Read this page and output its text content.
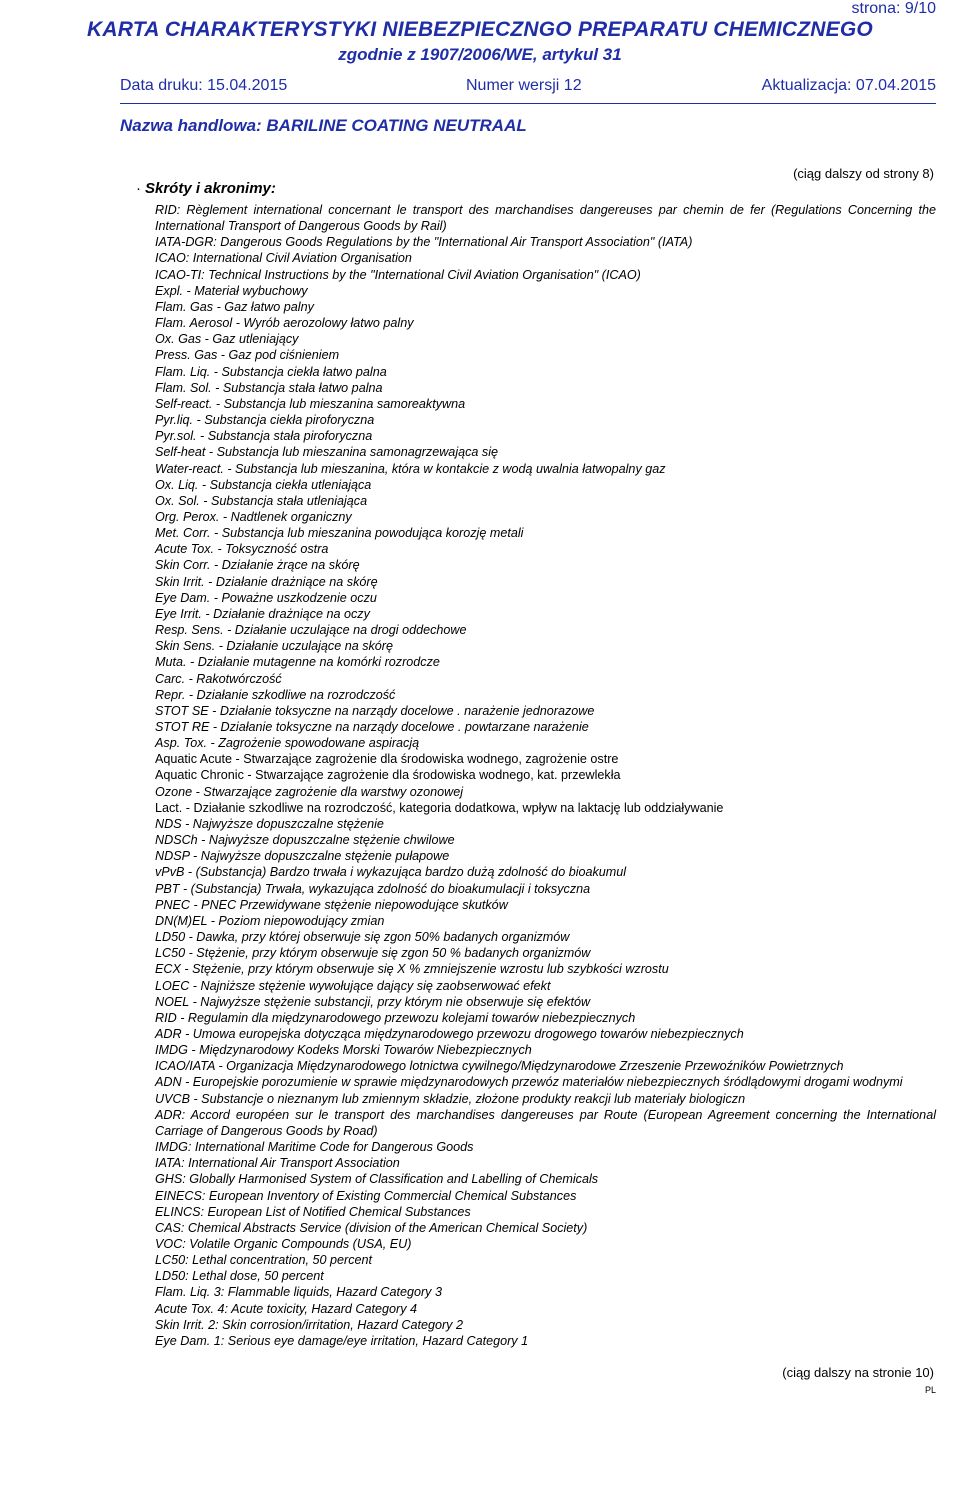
strona: 9/10
KARTA CHARAKTERYSTYKI NIEBEZPIECZNGO PREPARATU CHEMICZNEGO
zgodnie z 1907/2006/WE, artykul 31
Data druku: 15.04.2015	Numer wersji 12	Aktualizacja: 07.04.2015
Nazwa handlowa: BARILINE COATING NEUTRAAL
(ciąg dalszy od strony 8)
· Skróty i akronimy:
RID: Règlement international concernant le transport des marchandises dangereuses par chemin de fer (Regulations Concerning the International Transport of Dangerous Goods by Rail)
IATA-DGR: Dangerous Goods Regulations by the "International Air Transport Association" (IATA)
ICAO: International Civil Aviation Organisation
ICAO-TI: Technical Instructions by the "International Civil Aviation Organisation" (ICAO)
Expl. - Materiał wybuchowy
Flam. Gas - Gaz łatwo palny
Flam. Aerosol - Wyrób aerozolowy łatwo palny
Ox. Gas - Gaz utleniający
Press. Gas - Gaz pod ciśnieniem
Flam. Liq. - Substancja ciekła łatwo palna
Flam. Sol. - Substancja stała łatwo palna
Self-react. - Substancja lub mieszanina samoreaktywna
Pyr.liq. - Substancja ciekła piroforyczna
Pyr.sol. - Substancja stała piroforyczna
Self-heat - Substancja lub mieszanina samonagrzewająca się
Water-react. - Substancja lub mieszanina, która w kontakcie z wodą uwalnia łatwopalny gaz
Ox. Liq. - Substancja ciekła utleniająca
Ox. Sol. - Substancja stała utleniająca
Org. Perox. - Nadtlenek organiczny
Met. Corr. - Substancja lub mieszanina powodująca korozję metali
Acute Tox. - Toksyczność ostra
Skin Corr. - Działanie żrące na skórę
Skin Irrit. - Działanie drażniące na skórę
Eye Dam. - Poważne uszkodzenie oczu
Eye Irrit. - Działanie drażniące na oczy
Resp. Sens. - Działanie uczulające na drogi oddechowe
Skin Sens. - Działanie uczulające na skórę
Muta. - Działanie mutagenne na komórki rozrodcze
Carc. - Rakotwórczość
Repr. - Działanie szkodliwe na rozrodczość
STOT SE - Działanie toksyczne na narządy docelowe . narażenie jednorazowe
STOT RE - Działanie toksyczne na narządy docelowe . powtarzane narażenie
Asp. Tox. - Zagrożenie spowodowane aspiracją
Aquatic Acute - Stwarzające zagrożenie dla środowiska wodnego, zagrożenie ostre
Aquatic Chronic - Stwarzające zagrożenie dla środowiska wodnego, kat. przewlekła
Ozone - Stwarzające zagrożenie dla warstwy ozonowej
Lact. - Działanie szkodliwe na rozrodczość, kategoria dodatkowa, wpływ na laktację lub oddziaływanie
NDS - Najwyższe dopuszczalne stężenie
NDSCh - Najwyższe dopuszczalne stężenie chwilowe
NDSP - Najwyższe dopuszczalne stężenie pułapowe
vPvB - (Substancja) Bardzo trwała i wykazująca bardzo dużą zdolność do bioakumul
PBT - (Substancja) Trwała, wykazująca zdolność do bioakumulacji i toksyczna
PNEC - PNEC Przewidywane stężenie niepowodujące skutków
DN(M)EL - Poziom niepowodujący zmian
LD50 - Dawka, przy której obserwuje się zgon 50% badanych organizmów
LC50 - Stężenie, przy którym obserwuje się zgon 50 % badanych organizmów
ECX - Stężenie, przy którym obserwuje się X % zmniejszenie wzrostu lub szybkości wzrostu
LOEC - Najniższe stężenie wywołujące dający się zaobserwować efekt
NOEL - Najwyższe stężenie substancji, przy którym nie obserwuje się efektów
RID - Regulamin dla międzynarodowego przewozu kolejami towarów niebezpiecznych
ADR - Umowa europejska dotycząca międzynarodowego przewozu drogowego towarów niebezpiecznych
IMDG - Międzynarodowy Kodeks Morski Towarów Niebezpiecznych
ICAO/IATA - Organizacja Międzynarodowego lotnictwa cywilnego/Międzynarodowe Zrzeszenie Przewoźników Powietrznych
ADN - Europejskie porozumienie w sprawie międzynarodowych przewóz materiałów niebezpiecznych śródlądowymi drogami wodnymi
UVCB - Substancje o nieznanym lub zmiennym składzie, złożone produkty reakcji lub materiały biologiczn
ADR: Accord européen sur le transport des marchandises dangereuses par Route (European Agreement concerning the International Carriage of Dangerous Goods by Road)
IMDG: International Maritime Code for Dangerous Goods
IATA: International Air Transport Association
GHS: Globally Harmonised System of Classification and Labelling of Chemicals
EINECS: European Inventory of Existing Commercial Chemical Substances
ELINCS: European List of Notified Chemical Substances
CAS: Chemical Abstracts Service (division of the American Chemical Society)
VOC: Volatile Organic Compounds (USA, EU)
LC50: Lethal concentration, 50 percent
LD50: Lethal dose, 50 percent
Flam. Liq. 3: Flammable liquids, Hazard Category 3
Acute Tox. 4: Acute toxicity, Hazard Category 4
Skin Irrit. 2: Skin corrosion/irritation, Hazard Category 2
Eye Dam. 1: Serious eye damage/eye irritation, Hazard Category 1
(ciąg dalszy na stronie 10)
PL
